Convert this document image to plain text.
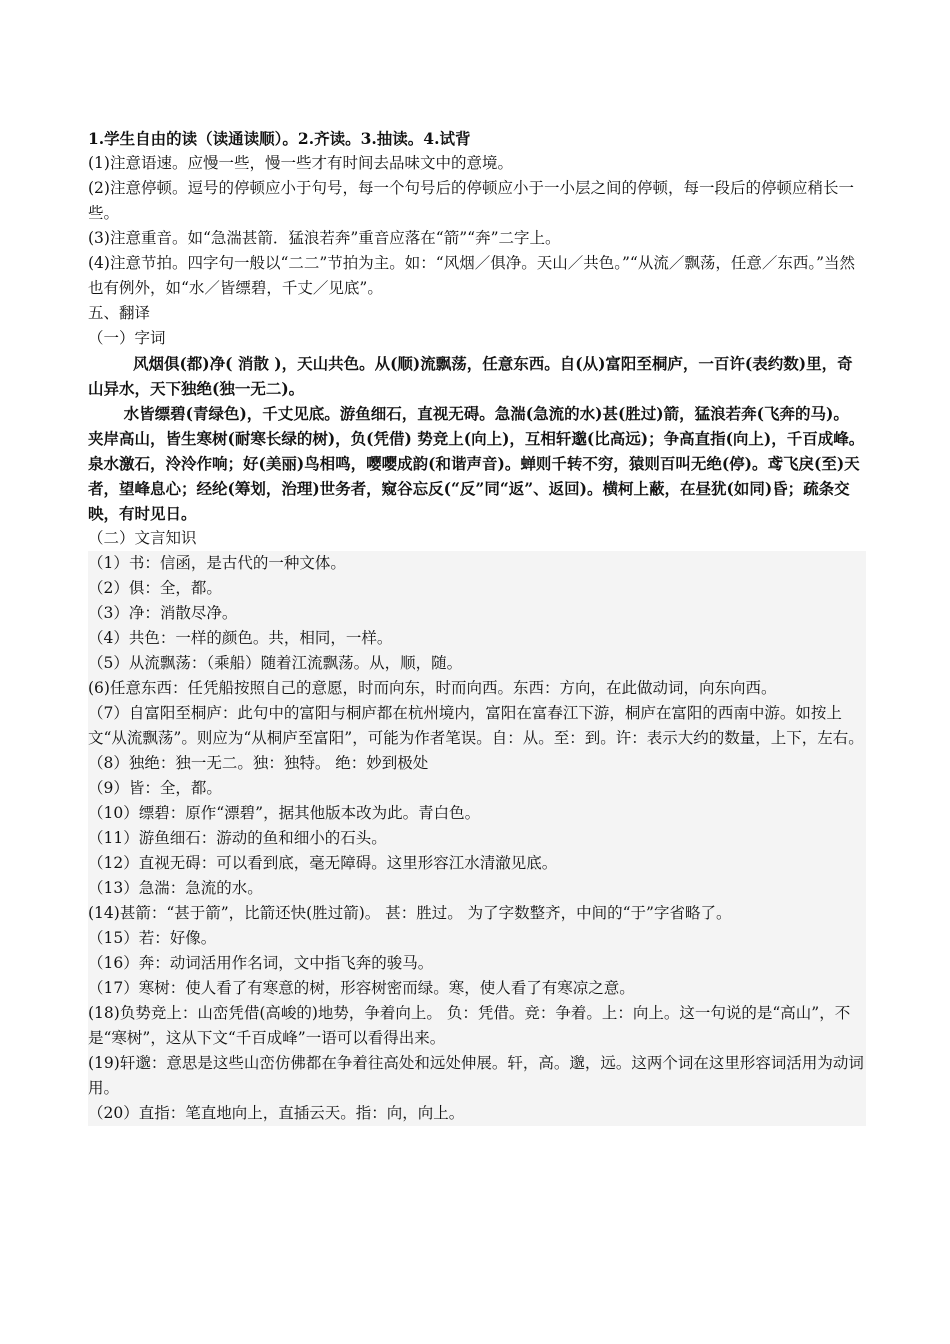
1.学生自由的读（读通读顺）。2.齐读。3.抽读。4.试背

(1)注意语速。应慢一些，慢一些才有时间去品味文中的意境。

(2)注意停顿。逗号的停顿应小于句号，每一个句号后的停顿应小于一小层之间的停顿，每一段后的停顿应稍长一些。

(3)注意重音。如“急湍甚箭．猛浪若奔”重音应落在“箭”“奔”二字上。

(4)注意节拍。四字句一般以“二二”节拍为主。如：“风烟／俱净。天山／共色。”“从流／飘荡，任意／东西。”当然也有例外，如“水／皆缥碧，千丈／见底”。

五、翻译

（一）字词

风烟俱(都)净( 消散 )，天山共色。从(顺)流飘荡，任意东西。自(从)富阳至桐庐，一百许(表约数)里，奇山异水，天下独绝(独一无二)。

水皆缥碧(青绿色)，千丈见底。游鱼细石，直视无碍。急湍(急流的水)甚(胜过)箭，猛浪若奔(飞奔的马)。

夹岸高山，皆生寒树(耐寒长绿的树)，负(凭借) 势竞上(向上)，互相轩邈(比高远)；争高直指(向上)，千百成峰。泉水激石，泠泠作响；好(美丽)鸟相鸣，嘤嘤成韵(和谐声音)。蝉则千转不穷，猿则百叫无绝(停)。鸢飞戾(至)天者，望峰息心；经纶(筹划，治理)世务者，窥谷忘反(“反”同“返”、返回)。横柯上蔽，在昼犹(如同)昏；疏条交映，有时见日。

（二）文言知识

（1）书：信函，是古代的一种文体。

（2）俱：全，都。

（3）净：消散尽净。

（4）共色：一样的颜色。共，相同，一样。

（5）从流飘荡：（乘船）随着江流飘荡。从，顺，随。

(6)任意东西：任凭船按照自己的意愿，时而向东，时而向西。东西：方向，在此做动词，向东向西。

（7）自富阳至桐庐：此句中的富阳与桐庐都在杭州境内，富阳在富春江下游，桐庐在富阳的西南中游。如按上文“从流飘荡”。则应为“从桐庐至富阳”，可能为作者笔误。自：从。至：到。许：表示大约的数量，上下，左右。

（8）独绝：独一无二。独：独特。 绝：妙到极处

（9）皆：全，都。

（10）缥碧：原作“漂碧”，据其他版本改为此。青白色。

（11）游鱼细石：游动的鱼和细小的石头。

（12）直视无碍：可以看到底，毫无障碍。这里形容江水清澈见底。

（13）急湍：急流的水。

(14)甚箭：“甚于箭”，比箭还快(胜过箭)。 甚：胜过。 为了字数整齐，中间的“于”字省略了。

（15）若：好像。

（16）奔：动词活用作名词，文中指飞奔的骏马。

（17）寒树：使人看了有寒意的树，形容树密而绿。寒，使人看了有寒凉之意。

(18)负势竞上：山峦凭借(高峻的)地势，争着向上。 负：凭借。竞：争着。上：向上。这一句说的是“高山”，不是“寒树”，这从下文“千百成峰”一语可以看得出来。

(19)轩邈：意思是这些山峦仿佛都在争着往高处和远处伸展。轩，高。邈，远。这两个词在这里形容词活用为动词用。

（20）直指：笔直地向上，直插云天。指：向，向上。
